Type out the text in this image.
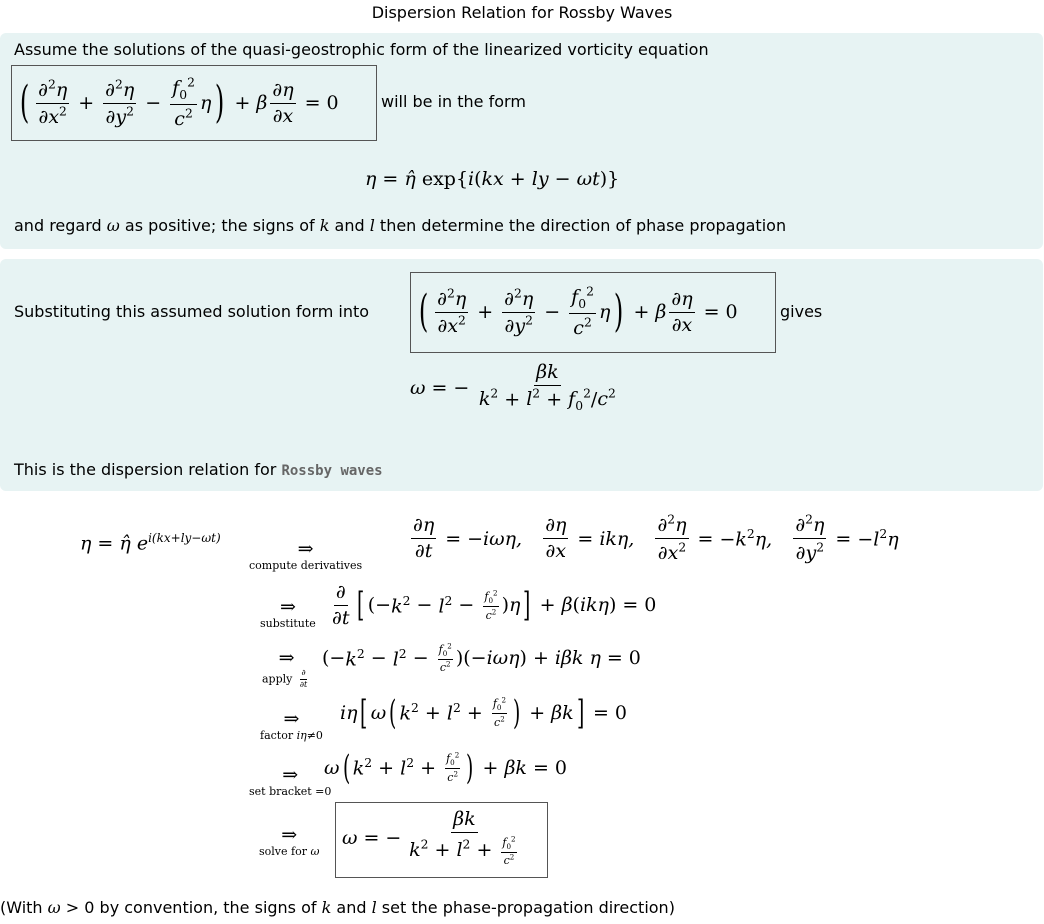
Dispersion Relation for Rossby Waves
Assume the solutions of the quasi-geostrophic form of the linearized vorticity equation
( $\frac{\partial^2\eta}{\partial x^2} + \frac{\partial^2\eta}{\partial y^2} - \frac{f_0^2}{c^2}$ η ) + β $\frac{\partial\eta}{\partial x} = 0$	will be in the form
η = η̂ exp{i(kx + ly − ωt)}
and regard ω as positive; the signs of k and l then determine the direction of phase propagation
Substituting this assumed solution form into ( $\frac{\partial^2\eta}{\partial x^2} + \frac{\partial^2\eta}{\partial y^2} - \frac{f_0^2}{c^2}$ η ) + β $\frac{\partial\eta}{\partial x} = 0$	gives
ω = − $\frac{\beta k}{k^2 + l^2 + f_0^2/c^2}$
This is the dispersion relation for Rossby waves
η = η̂ $e^{i(kx+ly-\omega t)}$	⇒
compute derivatives
$\frac{\partial\eta}{\partial t} = -i\omega\eta$,
$\frac{\partial\eta}{\partial x} = ik\eta$,
$\frac{\partial^2\eta}{\partial x^2} = -k^2\eta$,
$\frac{\partial^2\eta}{\partial y^2} = -l^2\eta$
⇒
substitute $\frac{\partial}{\partial t}$ [ (− $k^2 - l^2 - \frac{f_0^2}{c^2}$ ) η ] + β ( ikη ) = 0
⇒
apply $\frac{\partial}{\partial t}$
(− $k^2 - l^2 - \frac{f_0^2}{c^2}$ )(− iωη ) + iβk η = 0
⇒
factor iη≠0
iη [ ω ( $k^2 + l^2 + \frac{f_0^2}{c^2}$ ) + βk ] = 0
⇒
set bracket =0
ω ( $k^2 + l^2 + \frac{f_0^2}{c^2}$ ) + βk = 0
⇒
solve for ω
ω = − $\frac{\beta k}{k^2 + l^2 + \frac{f_0^2}{c^2}}$
(With ω > 0 by convention, the signs of k and l set the phase-propagation direction)
